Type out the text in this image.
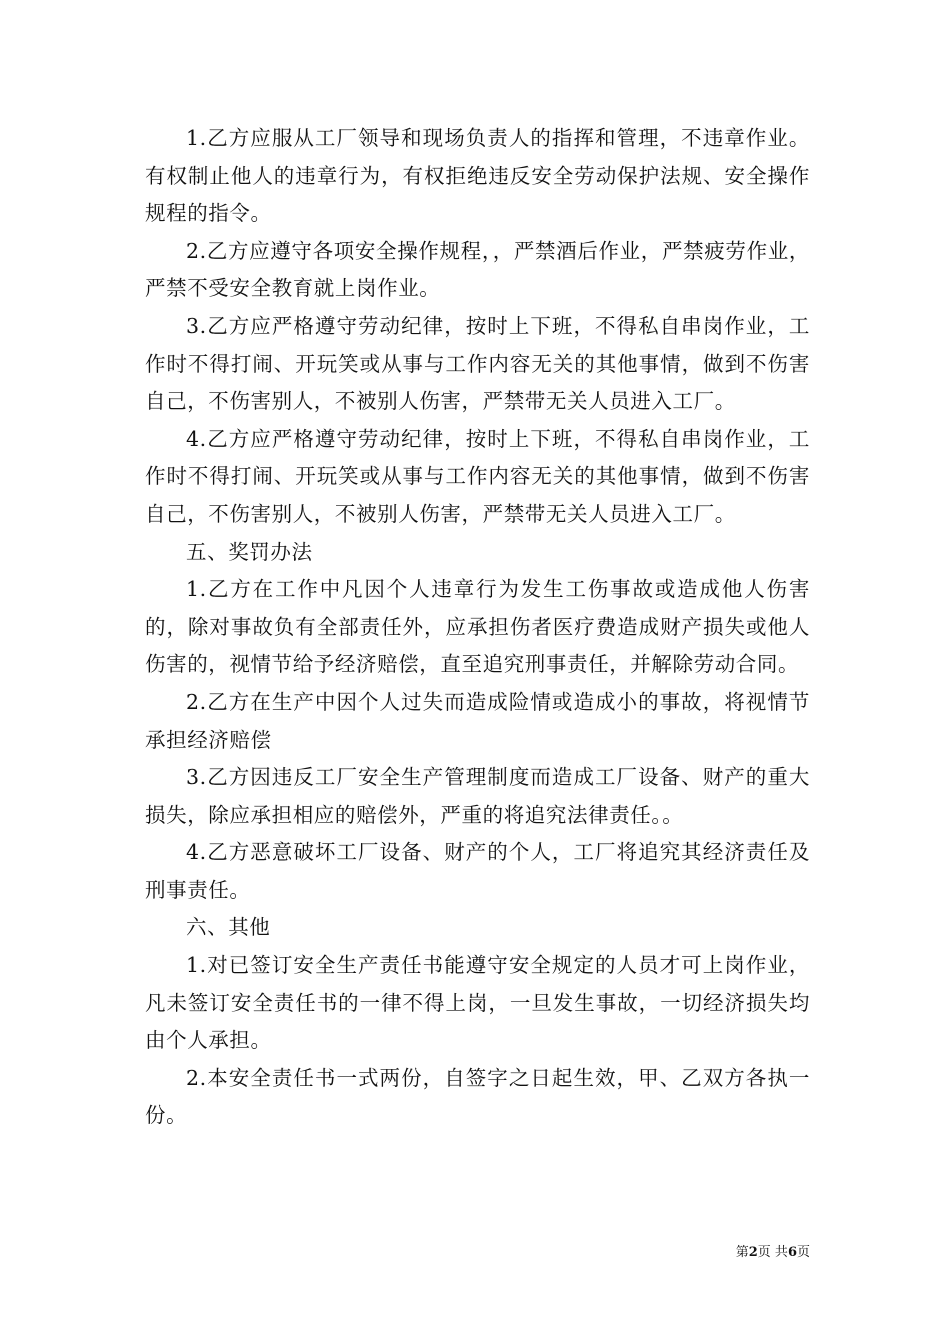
1.乙方应服从工厂领导和现场负责人的指挥和管理，不违章作业。有权制止他人的违章行为，有权拒绝违反安全劳动保护法规、安全操作规程的指令。

2.乙方应遵守各项安全操作规程，，严禁酒后作业，严禁疲劳作业，严禁不受安全教育就上岗作业。

3.乙方应严格遵守劳动纪律，按时上下班，不得私自串岗作业，工作时不得打闹、开玩笑或从事与工作内容无关的其他事情，做到不伤害自己，不伤害别人，不被别人伤害，严禁带无关人员进入工厂。

4.乙方应严格遵守劳动纪律，按时上下班，不得私自串岗作业，工作时不得打闹、开玩笑或从事与工作内容无关的其他事情，做到不伤害自己，不伤害别人，不被别人伤害，严禁带无关人员进入工厂。

五、奖罚办法

1.乙方在工作中凡因个人违章行为发生工伤事故或造成他人伤害的，除对事故负有全部责任外，应承担伤者医疗费造成财产损失或他人伤害的，视情节给予经济赔偿，直至追究刑事责任，并解除劳动合同。

2.乙方在生产中因个人过失而造成险情或造成小的事故，将视情节承担经济赔偿

3.乙方因违反工厂安全生产管理制度而造成工厂设备、财产的重大损失，除应承担相应的赔偿外，严重的将追究法律责任。。

4.乙方恶意破坏工厂设备、财产的个人，工厂将追究其经济责任及刑事责任。

六、其他

1.对已签订安全生产责任书能遵守安全规定的人员才可上岗作业，凡未签订安全责任书的一律不得上岗，一旦发生事故，一切经济损失均由个人承担。

2.本安全责任书一式两份，自签字之日起生效，甲、乙双方各执一份。

第2页 共6页
